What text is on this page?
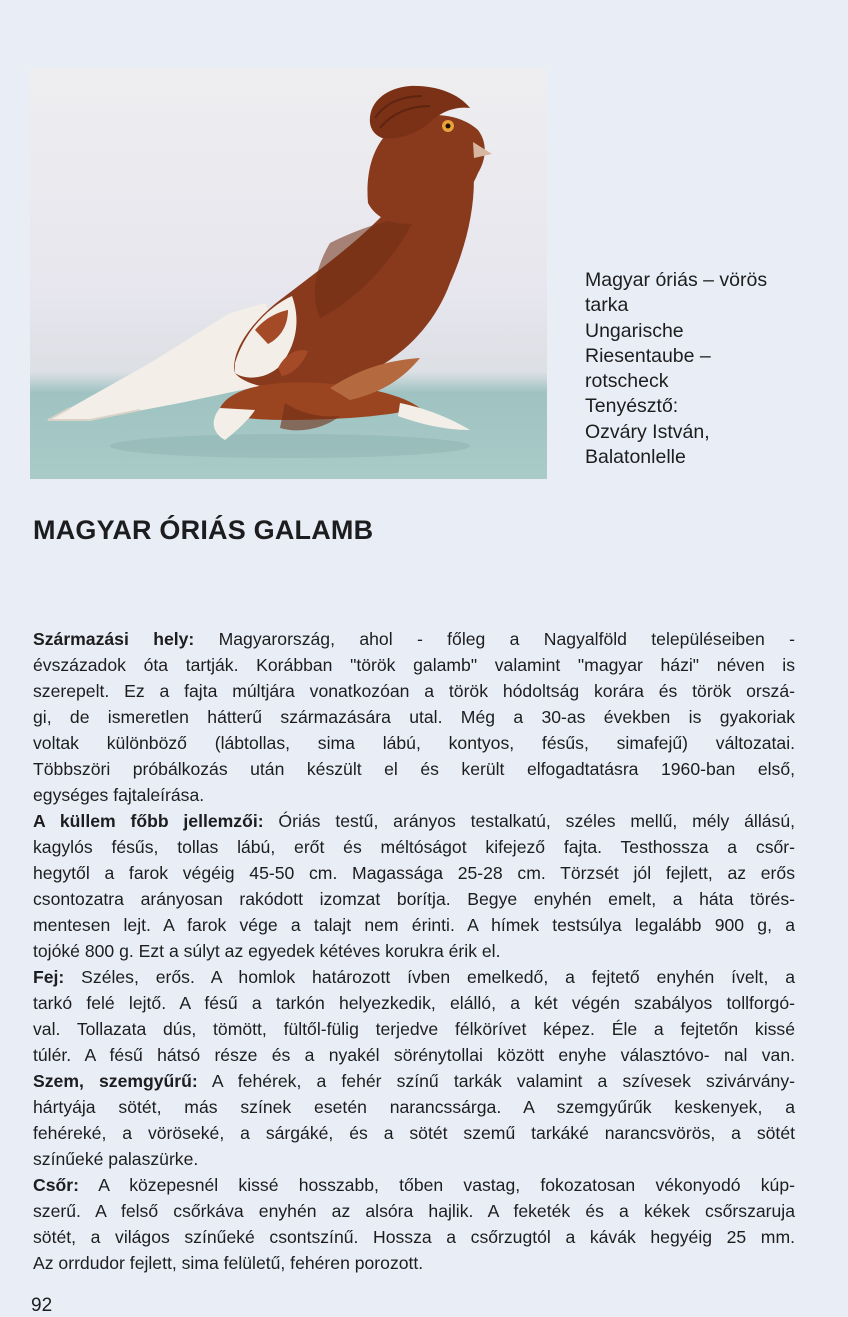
Magyar óriás – vörös
tarka
Ungarische
Riesentaube –
rotscheck
Tenyésztő:
Ozváry István,
Balatonlelle
MAGYAR ÓRIÁS GALAMB
Származási hely: Magyarország, ahol - főleg a Nagyalföld településeiben -
évszázadok óta tartják. Korábban "török galamb" valamint "magyar házi" néven is
szerepelt. Ez a fajta múltjára vonatkozóan a török hódoltság korára és török orszá-
gi, de ismeretlen hátterű származására utal. Még a 30-as években is gyakoriak
voltak különböző (lábtollas, sima lábú, kontyos, fésűs, simafejű) változatai.
Többszöri próbálkozás után készült el és került elfogadtatásra 1960-ban első,
egységes fajtaleírása.
A küllem főbb jellemzői: Óriás testű, arányos testalkatú, széles mellű, mély állású,
kagylós fésűs, tollas lábú, erőt és méltóságot kifejező fajta. Testhossza a csőr-
hegytől a farok végéig 45-50 cm. Magassága 25-28 cm. Törzsét jól fejlett, az erős
csontozatra arányosan rakódott izomzat borítja. Begye enyhén emelt, a háta törés-
mentesen lejt. A farok vége a talajt nem érinti. A hímek testsúlya legalább 900 g, a
tojóké 800 g. Ezt a súlyt az egyedek kétéves korukra érik el.
Fej: Széles, erős. A homlok határozott ívben emelkedő, a fejtető enyhén ívelt, a
tarkó felé lejtő. A fésű a tarkón helyezkedik, elálló, a két végén szabályos tollforgó-
val. Tollazata dús, tömött, fültől-fülig terjedve félkörívet képez. Éle a fejtetőn kissé
túlér. A fésű hátsó része és a nyakél sörénytollai között enyhe választóvo- nal van.
Szem, szemgyűrű: A fehérek, a fehér színű tarkák valamint a szívesek szivárvány-
hártyája sötét, más színek esetén narancssárga. A szemgyűrűk keskenyek, a
fehéreké, a vöröseké, a sárgáké, és a sötét szemű tarkáké narancsvörös, a sötét
színűeké palaszürke.
Csőr: A közepesnél kissé hosszabb, tőben vastag, fokozatosan vékonyodó kúp-
szerű. A felső csőrkáva enyhén az alsóra hajlik. A feketék és a kékek csőrszaruja
sötét, a világos színűeké csontszínű. Hossza a csőrzugtól a kávák hegyéig 25 mm.
Az orrdudor fejlett, sima felületű, fehéren porozott.
92
